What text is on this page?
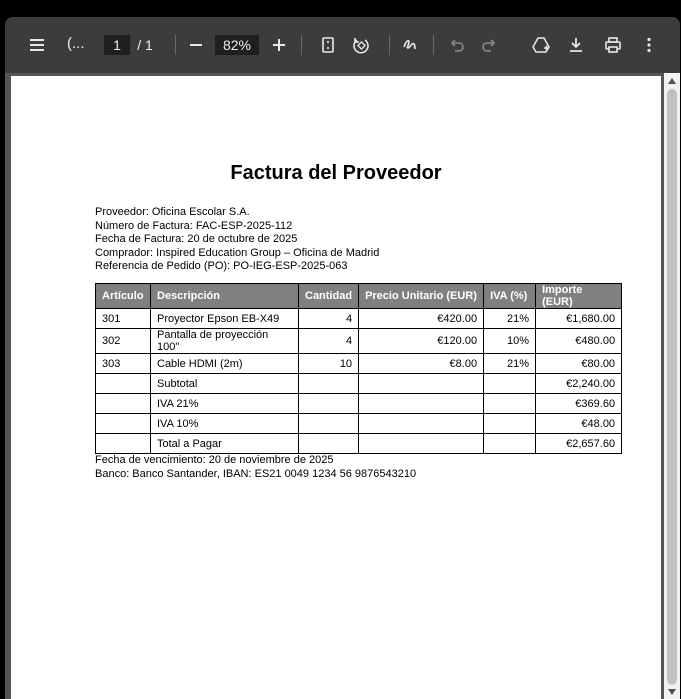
(...	1	/ 1	82%
Factura del Proveedor
Proveedor: Oficina Escolar S.A.
Número de Factura: FAC-ESP-2025-112
Fecha de Factura: 20 de octubre de 2025
Comprador: Inspired Education Group – Oficina de Madrid
Referencia de Pedido (PO): PO-IEG-ESP-2025-063
Artículo	Descripción	Cantidad	Precio Unitario (EUR)	IVA (%)	Importe (EUR)
301	Proyector Epson EB-X49	4	€420.00	21%	€1,680.00
302	Pantalla de proyección 100"	4	€120.00	10%	€480.00
303	Cable HDMI (2m)	10	€8.00	21%	€80.00
	Subtotal				€2,240.00
	IVA 21%				€369.60
	IVA 10%				€48.00
	Total a Pagar				€2,657.60
Fecha de vencimiento: 20 de noviembre de 2025
Banco: Banco Santander, IBAN: ES21 0049 1234 56 9876543210
